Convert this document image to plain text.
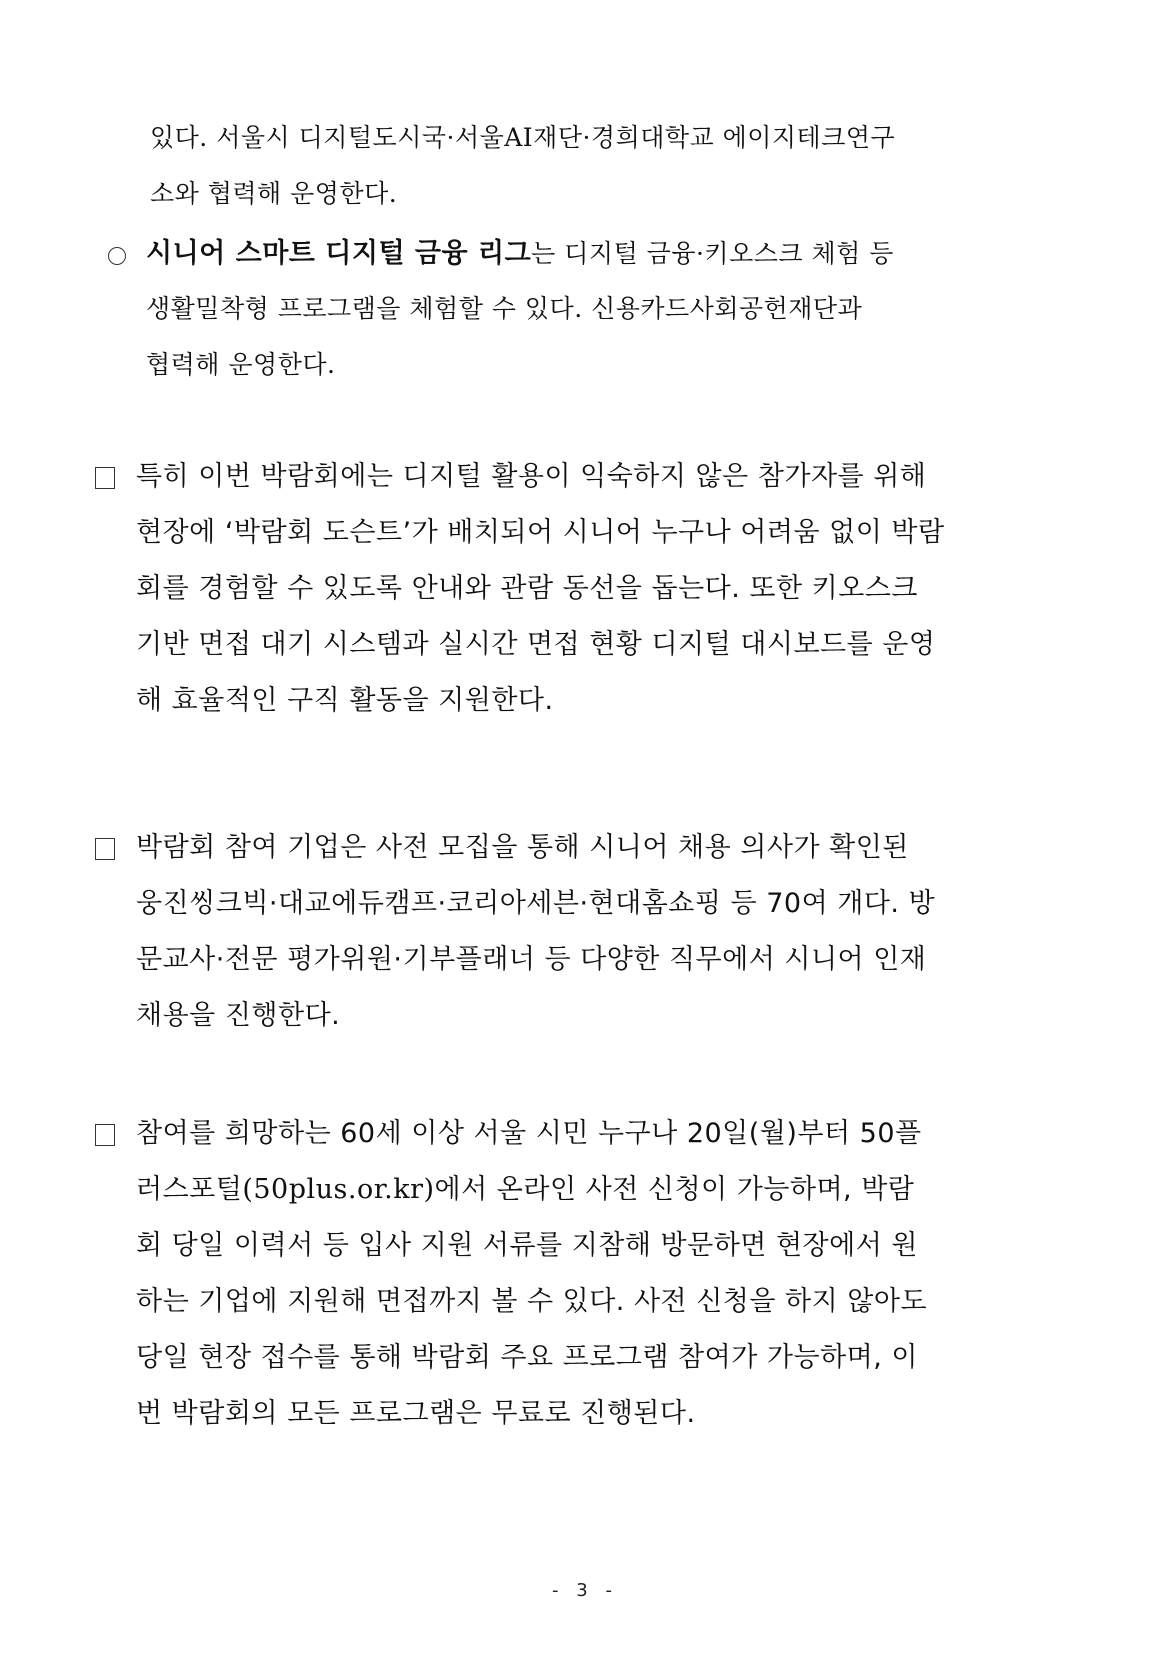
있다. 서울시 디지털도시국·서울AI재단·경희대학교 에이지테크연구
소와 협력해 운영한다.
시니어 스마트 디지털 금융 리그는 디지털 금융·키오스크 체험 등
생활밀착형 프로그램을 체험할 수 있다. 신용카드사회공헌재단과
협력해 운영한다.
특히 이번 박람회에는 디지털 활용이 익숙하지 않은 참가자를 위해
현장에 ‘박람회 도슨트’가 배치되어 시니어 누구나 어려움 없이 박람
회를 경험할 수 있도록 안내와 관람 동선을 돕는다. 또한 키오스크
기반 면접 대기 시스템과 실시간 면접 현황 디지털 대시보드를 운영
해 효율적인 구직 활동을 지원한다.
박람회 참여 기업은 사전 모집을 통해 시니어 채용 의사가 확인된
웅진씽크빅·대교에듀캠프·코리아세븐·현대홈쇼핑 등 70여 개다. 방
문교사·전문 평가위원·기부플래너 등 다양한 직무에서 시니어 인재
채용을 진행한다.
참여를 희망하는 60세 이상 서울 시민 누구나 20일(월)부터 50플
러스포털(50plus.or.kr)에서 온라인 사전 신청이 가능하며, 박람
회 당일 이력서 등 입사 지원 서류를 지참해 방문하면 현장에서 원
하는 기업에 지원해 면접까지 볼 수 있다. 사전 신청을 하지 않아도
당일 현장 접수를 통해 박람회 주요 프로그램 참여가 가능하며, 이
번 박람회의 모든 프로그램은 무료로 진행된다.
- 3 -
